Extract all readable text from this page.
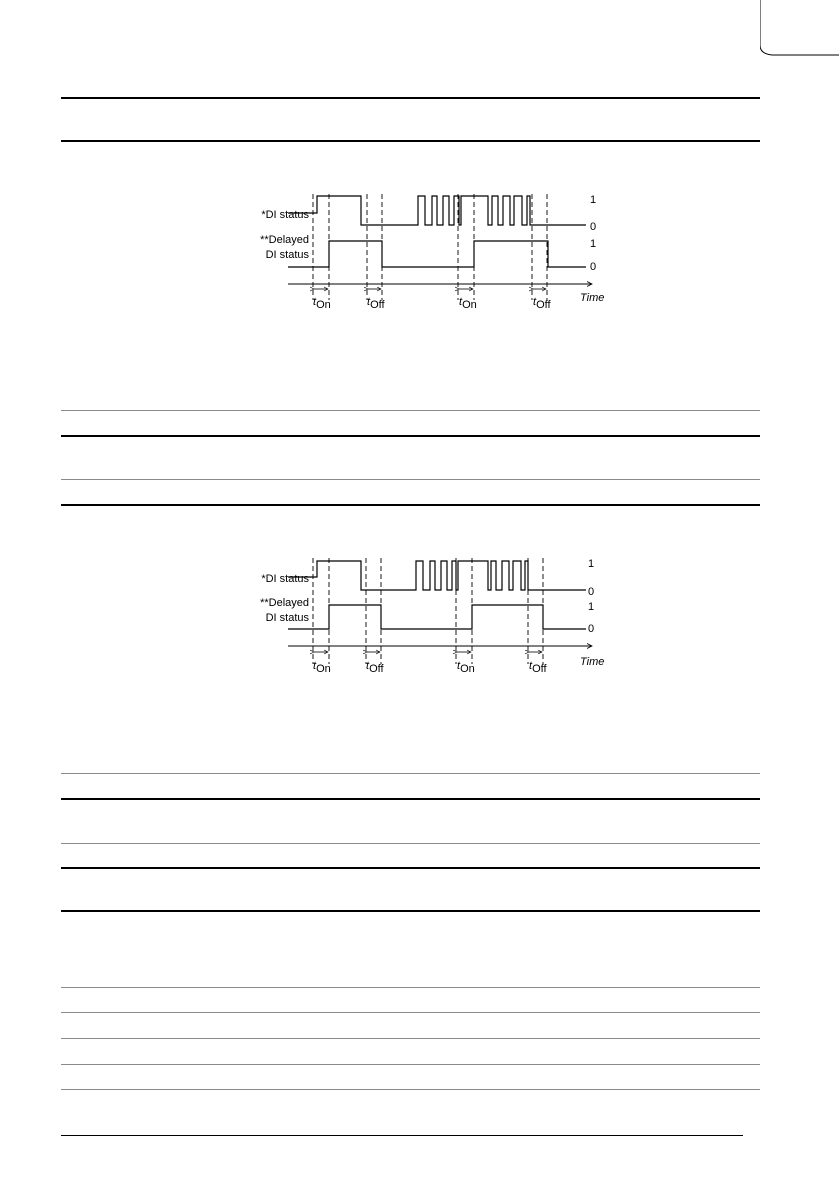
*DI status
**Delayed
DI status
1
0
1
0
Time
tOn	tOff	tOn	tOff
*DI status
**Delayed
DI status
1
0
1
0
Time
tOn	tOff	tOn	tOff
